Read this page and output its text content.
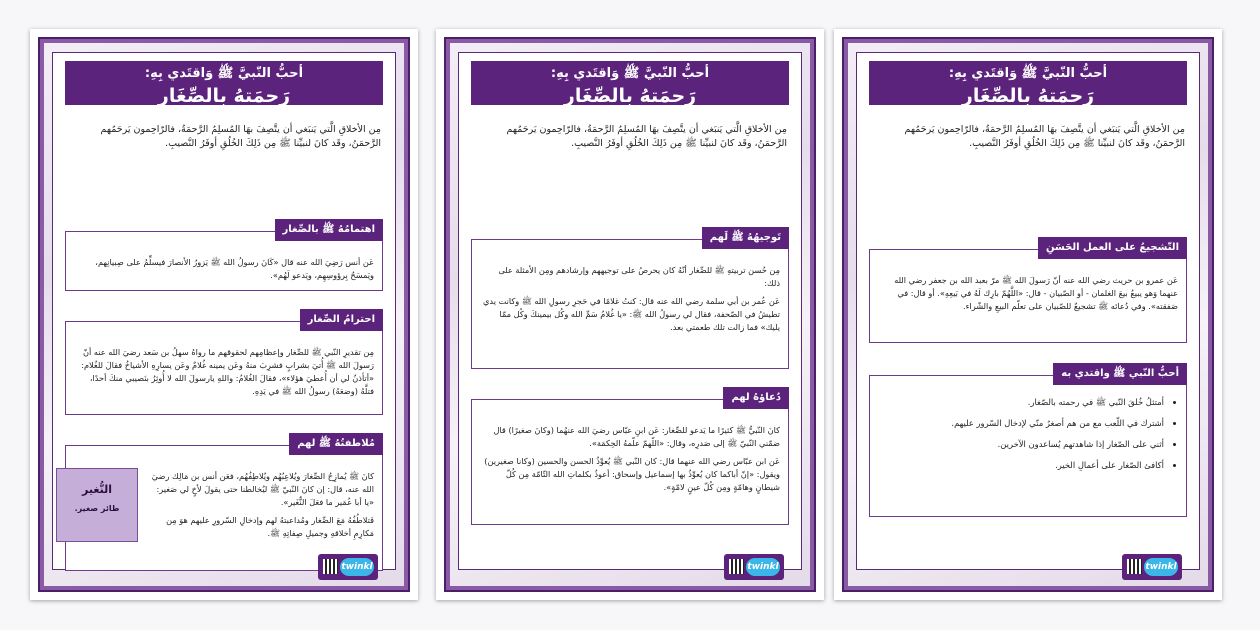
أحبُّ النّبيَّ ﷺ وَاقتَدي بِهِ:
رَحمَتهُ بالصِّغَارِ
مِن الأخلاقِ الَّتي يَنبَغي أن يتَّصِفَ بهَا المُسلِمُ الرَّحمَةُ، فالرّاحِمون يَرحَمُهم الرَّحمَنُ، وقَد كانَ لنبيِّنا ﷺ مِن ذَلِكَ الخُلُقِ أوفَرُ النَّصيبِ.
اهتمامُهُ ﷺ بالصِّغار

عَن أنس رَضِيَ الله عنه قال «كَانَ رسولُ الله ﷺ يَزورُ الأنصارَ فيسلِّمُ على صِبيانِهم، ويَمسَحُ بِرؤوسِهِم، ويَدعو لَهُم».

احترامُ الصِّغار

مِن تقديرِ النّبي ﷺ للصِّغار وإعظامِهم لحقوقهم ما رواهُ سهلُ بن سَعد رضيَ الله عنه أنّ رَسولَ الله ﷺ أُتيَ بشرابٍ فشرِبَ منهُ وعَن يمينه غُلامٌ وعَن يسارِهِ الأشياخُ فقالَ للغُلام: «أتأذنُ لي أن أُعطيَ هؤلاء»، فقالَ الغُلامُ: واللهِ يارسولَ الله لا أُوثِرُ بنَصيبي منكَ أحدًا، فتلَّهُ (وضعَهُ) رسولُ الله ﷺ في يَدِهِ.

مُلاطفتُهُ ﷺ لهم

كانَ ﷺ يُمازِحُ الصِّغارَ ويُلاعِبُهُم ويُلاطِفُهُم، فعَن أنس بن مَالِك رضيَ الله عنه، قال: إن كانَ النّبيّ ﷺ ليُخالطنا حتى يقولَ لأخٍ لي صَغير: «يا أبا عُمَير ما فعَلَ النُّغَير».

فَتلاطُفُهُ مَعَ الصِّغار ومُداعبتهُ لهم وإدخالِ السّرورِ عليهم هوَ مِن مَكارِمِ أخلاقهِ وجميلِ صِفاتِهِ ﷺ.

النُّغير
طائر صغير.
twinkl
أحبُّ النّبيَّ ﷺ وَاقتَدي بِهِ:
رَحمَتهُ بالصِّغَارِ
مِن الأخلاقِ الَّتي يَنبَغي أن يتَّصِفَ بهَا المُسلِمُ الرَّحمَةُ، فالرّاحِمون يَرحَمُهم الرَّحمَنُ، وقَد كانَ لنبيِّنا ﷺ مِن ذَلِكَ الخُلُقِ أوفَرُ النَّصيبِ.
تَوجيهُهُ ﷺ لَهم

مِن حُسن تربيتهِ ﷺ للصِّغار أنّهُ كان يحرصُ على توجيههم وإرشادهم ومِن الأمثلة على ذلك:

عَن عُمر بن أبي سلمة رضي الله عنه قال: كنتُ غلامًا في حَجرِ رسولِ الله ﷺ وكانت يدي تطيشُ في الصّحفة، فقال لي رسولُ الله ﷺ: «يا غُلامُ سَمِّ الله وكُل بيمينكَ وكُل ممّا يليك» فما زالت تلك طعمتي بعد.

دُعاؤهُ لهم

كانَ النّبيُّ ﷺ كثيرًا ما يَدعو للصِّغار: عَن ابنِ عبّاس رضيَ الله عنهُما (وكانَ صغيرًا) قال ضمّني النّبيّ ﷺ إلى صَدرِه، وقال: «اللّهمّ علّمهُ الحِكمَة».

عَن ابن عبّاس رضي الله عنهما قال: كان النّبي ﷺ يُعوِّذُ الحسن والحسين (وكانا صغيرين) ويقول: «إنّ أباكما كان يُعوِّذُ بها إسماعيل وإسحاق: أعوذُ بكلماتِ الله التّامّة مِن كُلّ شيطانٍ وهامّةٍ ومِن كُلّ عينٍ لامّةٍ».

twinkl
أحبُّ النّبيَّ ﷺ وَاقتَدي بِهِ:
رَحمَتهُ بالصِّغَارِ
مِن الأخلاقِ الَّتي يَنبَغي أن يتَّصِفَ بهَا المُسلِمُ الرَّحمَةُ، فالرّاحِمون يَرحَمُهم الرَّحمَنُ، وقَد كانَ لنبيِّنا ﷺ مِن ذَلِكَ الخُلُقِ أوفَرُ النَّصيبِ.
التّشجيعُ على العمل الحَسَنِ

عَن عمرو بن حريث رضي الله عنه أنّ رَسولَ الله ﷺ مرّ بعبد الله بن جعفر رضي الله عنهما وَهو يبيعُ بيعَ الغلمان - أو الصّبيان - قال: «اللَّهُمّ بارِك لَهُ في بَيعِهِ». أو قال: في صَفقته». وفي دُعائه ﷺ تشجيعٌ للصّبيان على تعلّم البيعِ والشّراء.

أحبُّ النّبي ﷺ واقتدي به
• أمتثلُ خُلقَ النّبي ﷺ في رحمته بالصّغار.
• أشترك في اللّعب مع من هم أصغرُ منّي لإدخال السّرور عليهم.
• أثني على الصّغار إذا شاهدتهم يُساعدون الآخرين.
• أكافئ الصّغار على أعمالِ الخير.
twinkl
